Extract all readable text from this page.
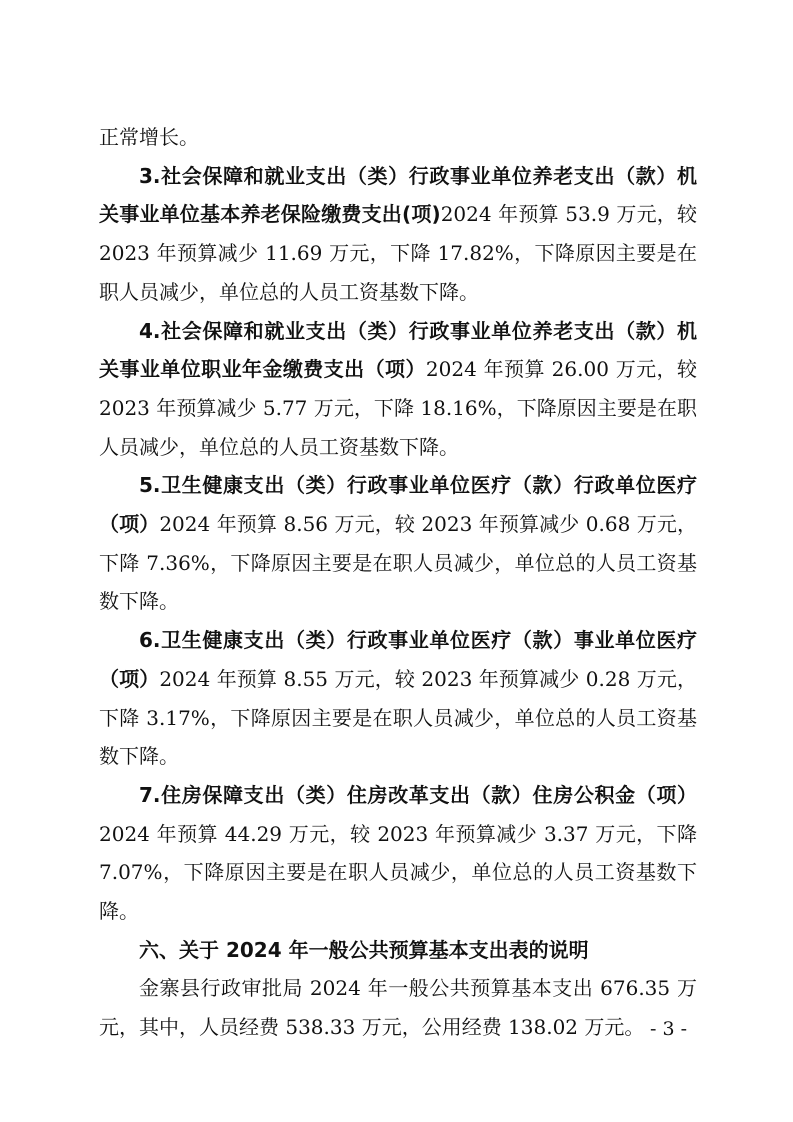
正常增长。

3.社会保障和就业支出（类）行政事业单位养老支出（款）机关事业单位基本养老保险缴费支出(项)2024 年预算 53.9 万元，较 2023 年预算减少 11.69 万元，下降 17.82%，下降原因主要是在职人员减少，单位总的人员工资基数下降。

4.社会保障和就业支出（类）行政事业单位养老支出（款）机关事业单位职业年金缴费支出（项）2024 年预算 26.00 万元，较 2023 年预算减少 5.77 万元，下降 18.16%，下降原因主要是在职人员减少，单位总的人员工资基数下降。

5.卫生健康支出（类）行政事业单位医疗（款）行政单位医疗（项）2024 年预算 8.56 万元，较 2023 年预算减少 0.68 万元，下降 7.36%，下降原因主要是在职人员减少，单位总的人员工资基数下降。

6.卫生健康支出（类）行政事业单位医疗（款）事业单位医疗（项）2024 年预算 8.55 万元，较 2023 年预算减少 0.28 万元，下降 3.17%，下降原因主要是在职人员减少，单位总的人员工资基数下降。

7.住房保障支出（类）住房改革支出（款）住房公积金（项）2024 年预算 44.29 万元，较 2023 年预算减少 3.37 万元，下降 7.07%，下降原因主要是在职人员减少，单位总的人员工资基数下降。

六、关于 2024 年一般公共预算基本支出表的说明

金寨县行政审批局 2024 年一般公共预算基本支出 676.35 万元，其中，人员经费 538.33 万元，公用经费 138.02 万元。 - 3 -
